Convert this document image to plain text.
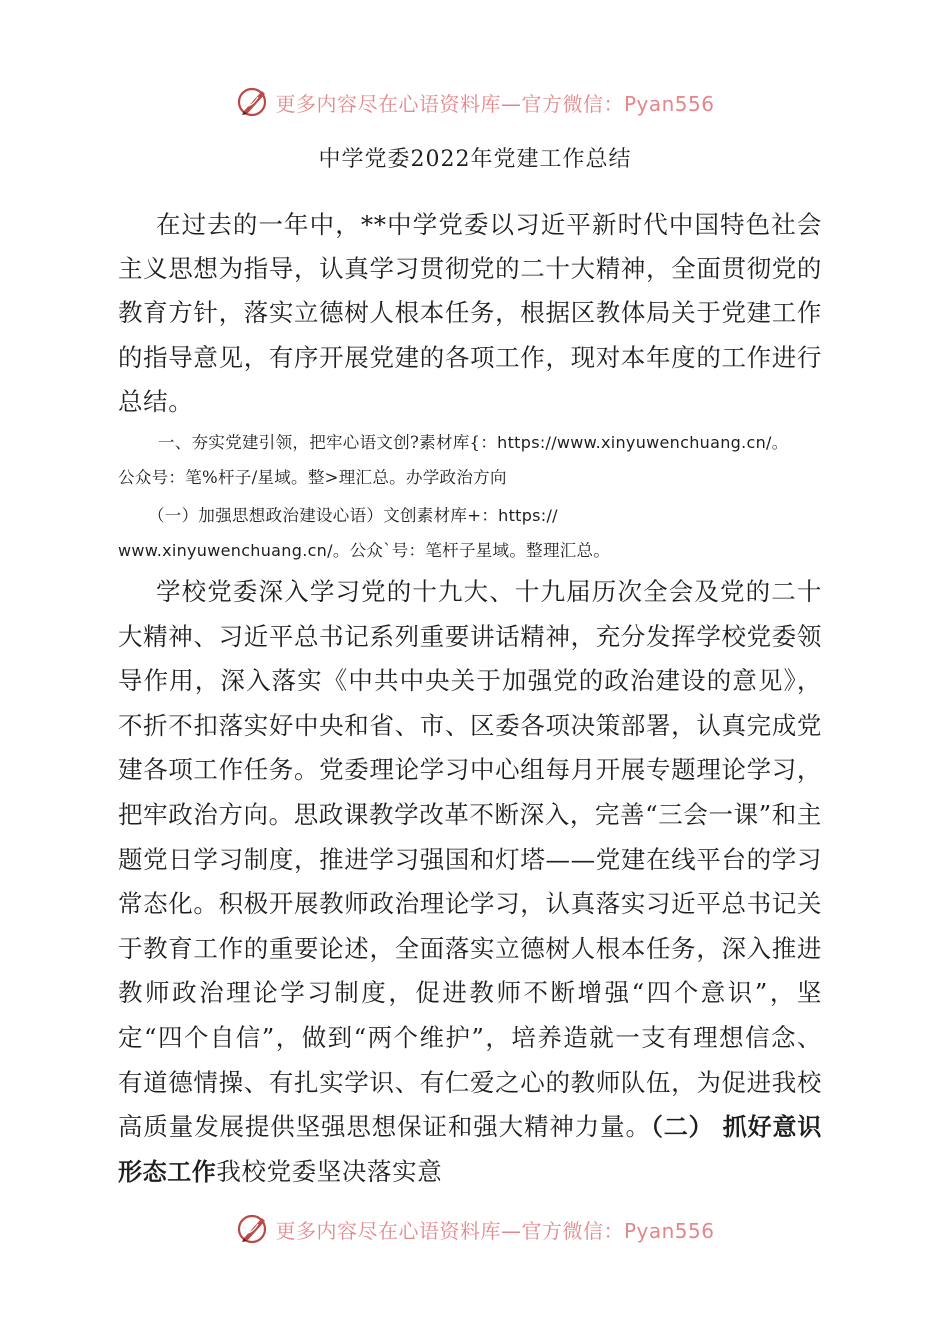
更多内容尽在心语资料库—官方微信：Pyan556
中学党委2022年党建工作总结

在过去的一年中，**中学党委以习近平新时代中国特色社会主义思想为指导，认真学习贯彻党的二十大精神，全面贯彻党的教育方针，落实立德树人根本任务，根据区教体局关于党建工作的指导意见，有序开展党建的各项工作，现对本年度的工作进行总结。

一、夯实党建引领，把牢心语文创?素材库{：https://www.xinyuwenchuang.cn/。

公众号：笔%杆子/星域。整>理汇总。办学政治方向

（一）加强思想政治建设心语）文创素材库+：https://

www.xinyuwenchuang.cn/。公众`号：笔杆子星域。整理汇总。

学校党委深入学习党的十九大、十九届历次全会及党的二十大精神、习近平总书记系列重要讲话精神，充分发挥学校党委领导作用，深入落实《中共中央关于加强党的政治建设的意见》，不折不扣落实好中央和省、市、区委各项决策部署，认真完成党建各项工作任务。党委理论学习中心组每月开展专题理论学习，把牢政治方向。思政课教学改革不断深入，完善“三会一课”和主题党日学习制度，推进学习强国和灯塔——党建在线平台的学习常态化。积极开展教师政治理论学习，认真落实习近平总书记关于教育工作的重要论述，全面落实立德树人根本任务，深入推进教师政治理论学习制度，促进教师不断增强“四个意识”，坚定“四个自信”，做到“两个维护”，培养造就一支有理想信念、有道德情操、有扎实学识、有仁爱之心的教师队伍，为促进我校高质量发展提供坚强思想保证和强大精神力量。（二） 抓好意识形态工作我校党委坚决落实意

更多内容尽在心语资料库—官方微信：Pyan556
